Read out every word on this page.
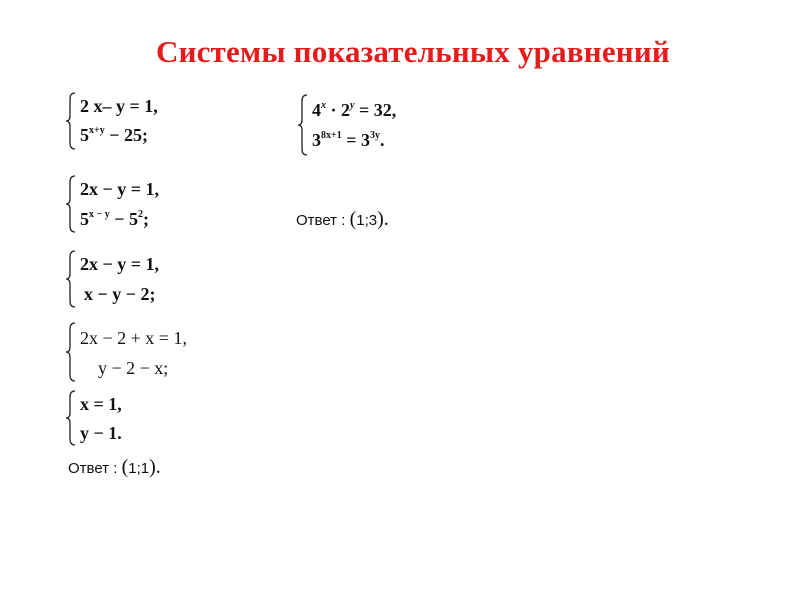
Системы показательных уравнений
2 x– y = 1,
$5^{x+y} - 25$;
2x − y = 1,
$5^{x - y} - 5^2$;
2x − y = 1,
x − y − 2;
2x − 2 + x = 1,
y − 2 − x;
x = 1,
y − 1.
Ответ : (1;1).
$4^x \cdot 2^y = 32$,
$3^{8x+1} = 3^{3y}$.
Ответ : (1;3).
